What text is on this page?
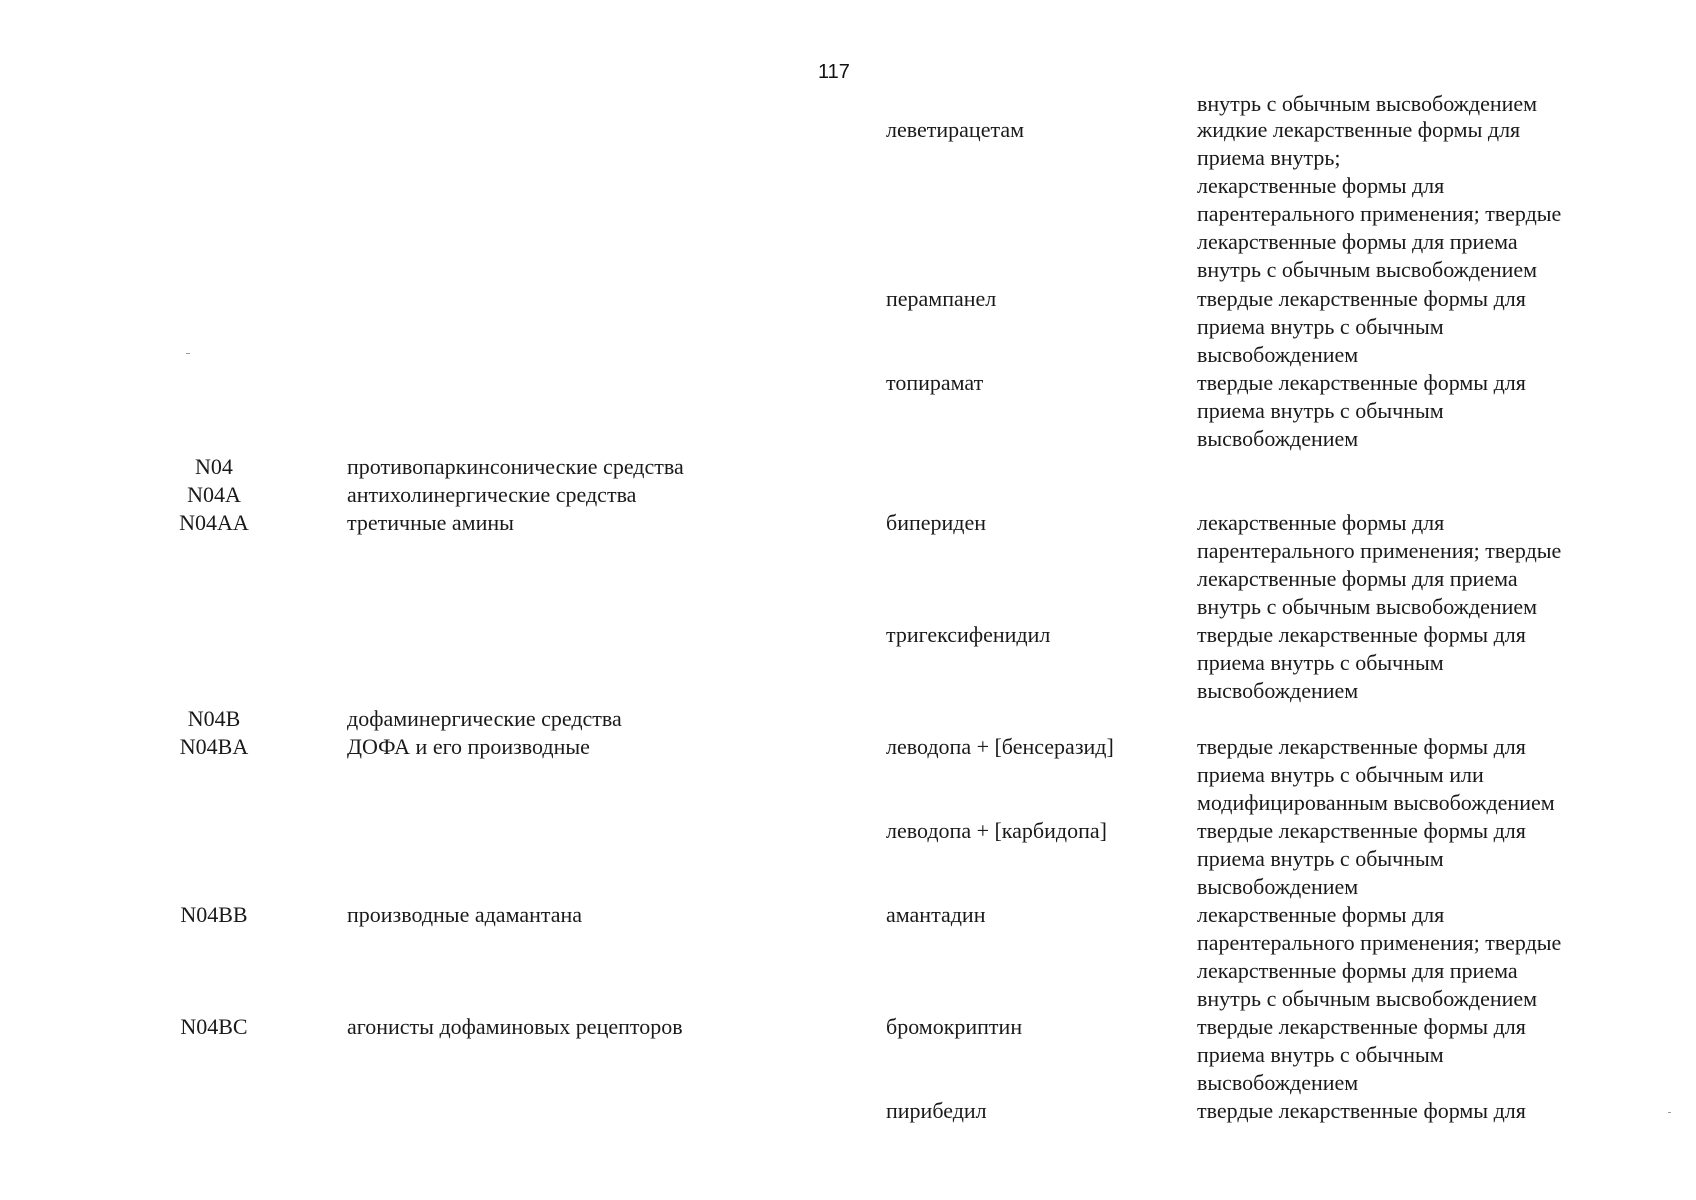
117
внутрь с обычным высвобождением
леветирацетам	жидкие лекарственные формы для
приема внутрь;
лекарственные формы для
парентерального применения; твердые
лекарственные формы для приема
внутрь с обычным высвобождением
перампанел	твердые лекарственные формы для
приема внутрь с обычным
высвобождением
топирамат	твердые лекарственные формы для
приема внутрь с обычным
высвобождением
N04	противопаркинсонические средства
N04A	антихолинергические средства
N04AA	третичные амины	бипериден	лекарственные формы для
парентерального применения; твердые
лекарственные формы для приема
внутрь с обычным высвобождением
тригексифенидил	твердые лекарственные формы для
приема внутрь с обычным
высвобождением
N04B	дофаминергические средства
N04BA	ДОФА и его производные	леводопа + [бенсеразид]	твердые лекарственные формы для
приема внутрь с обычным или
модифицированным высвобождением
леводопа + [карбидопа]	твердые лекарственные формы для
приема внутрь с обычным
высвобождением
N04BB	производные адамантана	амантадин	лекарственные формы для
парентерального применения; твердые
лекарственные формы для приема
внутрь с обычным высвобождением
N04BC	агонисты дофаминовых рецепторов	бромокриптин	твердые лекарственные формы для
приема внутрь с обычным
высвобождением
пирибедил	твердые лекарственные формы для
